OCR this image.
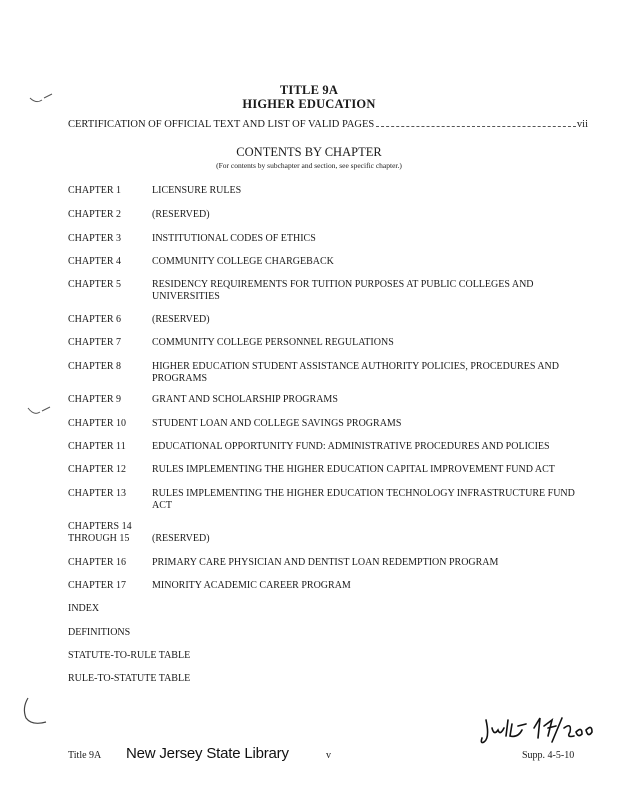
TITLE 9A
HIGHER EDUCATION
CERTIFICATION OF OFFICIAL TEXT AND LIST OF VALID PAGES	vii
CONTENTS BY CHAPTER
(For contents by subchapter and section, see specific chapter.)
CHAPTER 1	LICENSURE RULES
CHAPTER 2	(RESERVED)
CHAPTER 3	INSTITUTIONAL CODES OF ETHICS
CHAPTER 4	COMMUNITY COLLEGE CHARGEBACK
CHAPTER 5	RESIDENCY REQUIREMENTS FOR TUITION PURPOSES AT PUBLIC COLLEGES AND UNIVERSITIES
CHAPTER 6	(RESERVED)
CHAPTER 7	COMMUNITY COLLEGE PERSONNEL REGULATIONS
CHAPTER 8	HIGHER EDUCATION STUDENT ASSISTANCE AUTHORITY POLICIES, PROCEDURES AND PROGRAMS
CHAPTER 9	GRANT AND SCHOLARSHIP PROGRAMS
CHAPTER 10	STUDENT LOAN AND COLLEGE SAVINGS PROGRAMS
CHAPTER 11	EDUCATIONAL OPPORTUNITY FUND: ADMINISTRATIVE PROCEDURES AND POLICIES
CHAPTER 12	RULES IMPLEMENTING THE HIGHER EDUCATION CAPITAL IMPROVEMENT FUND ACT
CHAPTER 13	RULES IMPLEMENTING THE HIGHER EDUCATION TECHNOLOGY INFRASTRUCTURE FUND ACT
CHAPTERS 14 THROUGH 15	(RESERVED)
CHAPTER 16	PRIMARY CARE PHYSICIAN AND DENTIST LOAN REDEMPTION PROGRAM
CHAPTER 17	MINORITY ACADEMIC CAREER PROGRAM
INDEX
DEFINITIONS
STATUTE-TO-RULE TABLE
RULE-TO-STATUTE TABLE
Title 9A New Jersey State Library	v	Supp. 4-5-10
